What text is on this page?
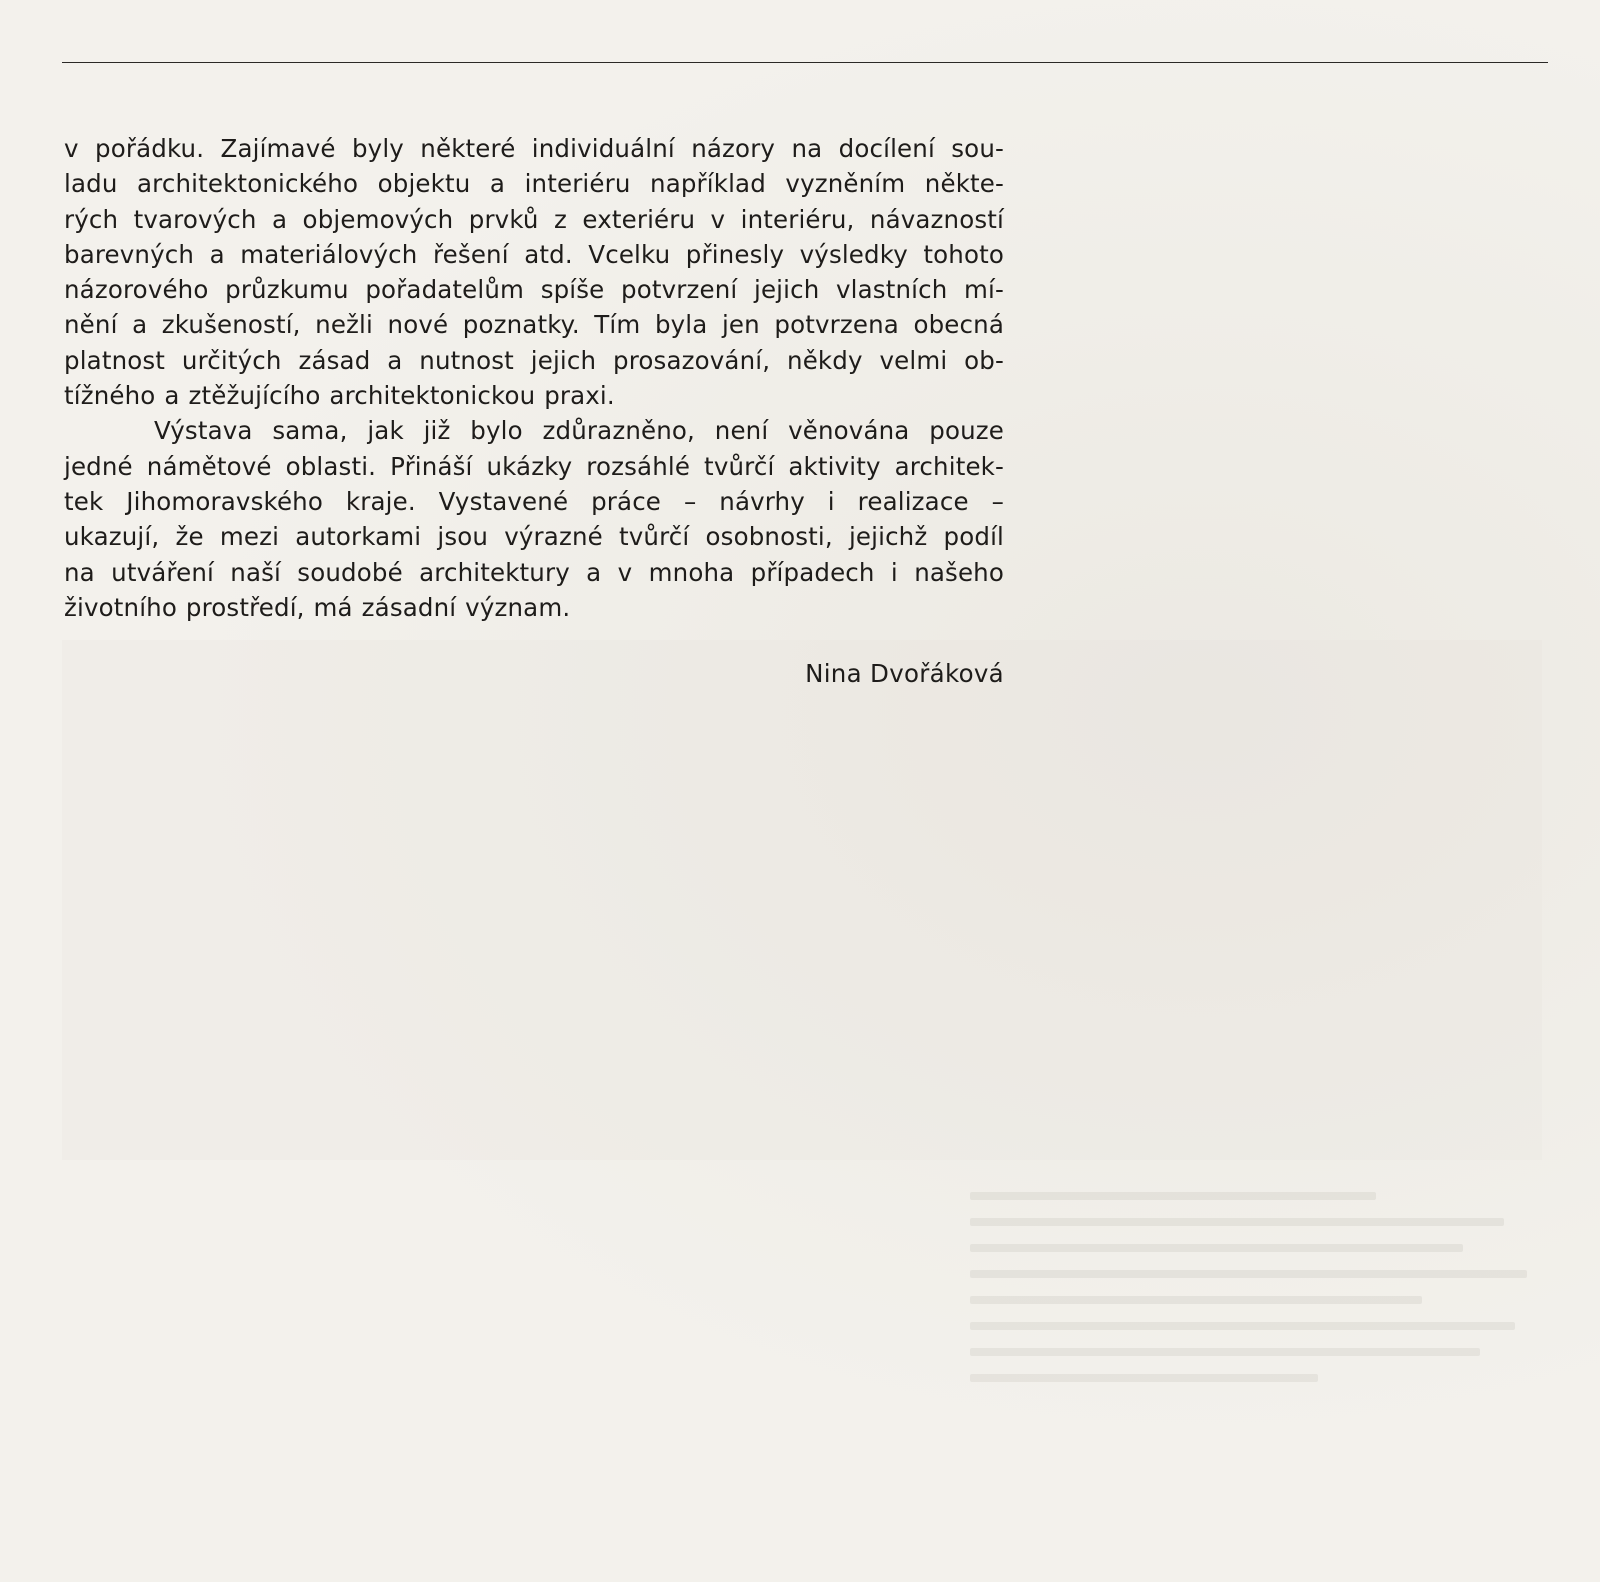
v pořádku. Zajímavé byly některé individuální názory na docílení sou-
ladu architektonického objektu a interiéru například vyzněním někte-
rých tvarových a objemových prvků z exteriéru v interiéru, návazností
barevných a materiálových řešení atd. Vcelku přinesly výsledky tohoto
názorového průzkumu pořadatelům spíše potvrzení jejich vlastních mí-
nění a zkušeností, nežli nové poznatky. Tím byla jen potvrzena obecná
platnost určitých zásad a nutnost jejich prosazování, někdy velmi ob-
tížného a ztěžujícího architektonickou praxi.
Výstava sama, jak již bylo zdůrazněno, není věnována pouze
jedné námětové oblasti. Přináší ukázky rozsáhlé tvůrčí aktivity architek-
tek Jihomoravského kraje. Vystavené práce – návrhy i realizace –
ukazují, že mezi autorkami jsou výrazné tvůrčí osobnosti, jejichž podíl
na utváření naší soudobé architektury a v mnoha případech i našeho
životního prostředí, má zásadní význam.
Nina Dvořáková
